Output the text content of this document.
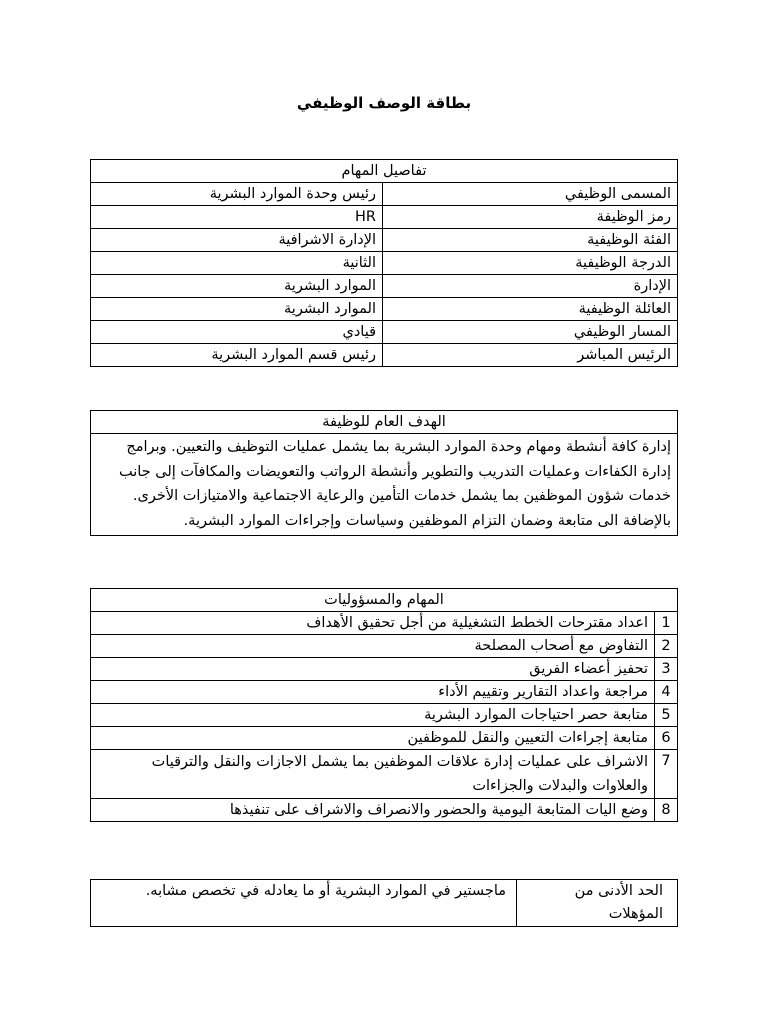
بطاقة الوصف الوظيفي
تفاصيل المهام	
المسمى الوظيفي	رئيس وحدة الموارد البشرية
رمز الوظيفة	HR
الفئة الوظيفية	الإدارة الاشرافية
الدرجة الوظيفية	الثانية
الإدارة	الموارد البشرية
العائلة الوظيفية	الموارد البشرية
المسار الوظيفي	قيادي
الرئيس المباشر	رئيس قسم الموارد البشرية
الهدف العام للوظيفة
إدارة كافة أنشطة ومهام وحدة الموارد البشرية بما يشمل عمليات التوظيف والتعيين. وبرامج إدارة الكفاءات وعمليات التدريب والتطوير وأنشطة الرواتب والتعويضات والمكافآت إلى جانب خدمات شؤون الموظفين بما يشمل خدمات التأمين والرعاية الاجتماعية والامتيازات الأخرى. بالإضافة الى متابعة وضمان التزام الموظفين وسياسات وإجراءات الموارد البشرية.
المهام والمسؤوليات	
1	اعداد مقترحات الخطط التشغيلية من أجل تحقيق الأهداف
2	التفاوض مع أصحاب المصلحة
3	تحفيز أعضاء الفريق
4	مراجعة واعداد التقارير وتقييم الأداء
5	متابعة حصر احتياجات الموارد البشرية
6	متابعة إجراءات التعيين والنقل للموظفين
7	الاشراف على عمليات إدارة علاقات الموظفين بما يشمل الاجازات والنقل والترقيات والعلاوات والبدلات والجزاءات
8	وضع اليات المتابعة اليومية والحضور والانصراف والاشراف على تنفيذها
الحد الأدنى من المؤهلات	ماجستير في الموارد البشرية أو ما يعادله في تخصص مشابه.
